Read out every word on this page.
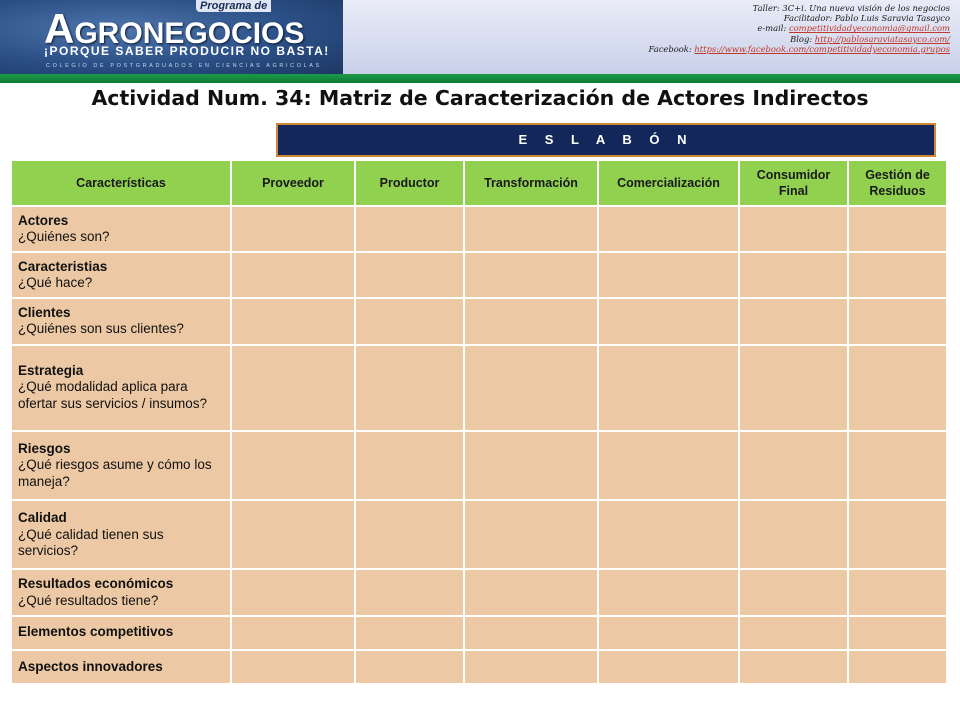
Programa de
AGRONEGOCIOS
¡PORQUE SABER PRODUCIR NO BASTA!
COLEGIO DE POSTGRADUADOS EN CIENCIAS AGRICOLAS
Taller: 3C+i. Una nueva visión de los negocios
Facilitador: Pablo Luis Saravia Tasayco
e-mail: competitividadyeconomia@gmail.com
Blog: http://pablosaraviatasayco.com/
Facebook: https://www.facebook.com/competitividadyeconomia.grupos
Actividad Num. 34: Matriz de Caracterización de Actores Indirectos
E S L A B Ó N
Características	Proveedor	Productor	Transformación	Comercialización	Consumidor Final	Gestión de Residuos

Actores
¿Quiénes son?						

Caracteristias
¿Qué hace?						

Clientes
¿Quiénes son sus clientes?						

Estrategia
¿Qué modalidad aplica para ofertar sus servicios / insumos?						

Riesgos
¿Qué riesgos asume y cómo los maneja?						

Calidad
¿Qué calidad tienen sus servicios?						

Resultados económicos
¿Qué resultados tiene?						

Elementos competitivos						

Aspectos innovadores						
